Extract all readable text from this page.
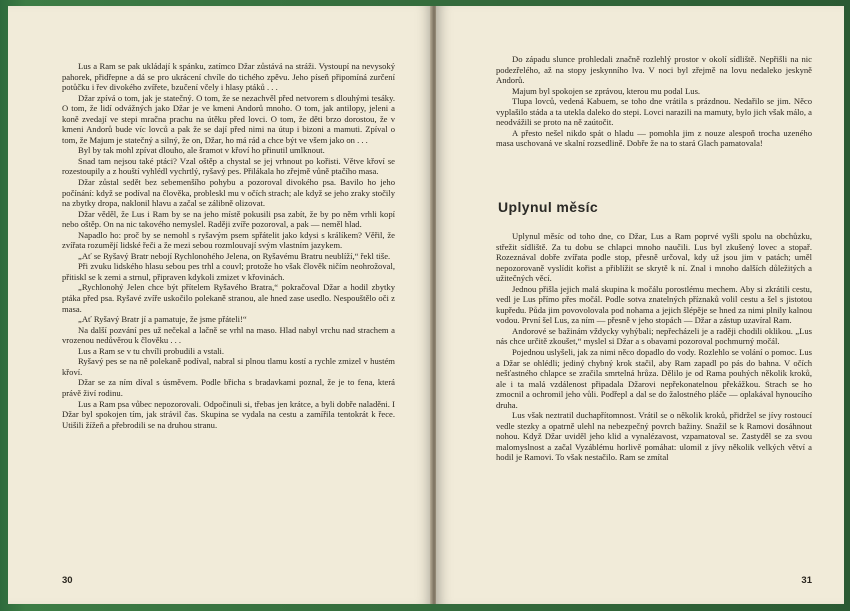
Lus a Ram se pak ukládají k spánku, zatímco Džar zůstává na stráži. Vystoupí na nevysoký pahorek, přidřepne a dá se pro ukrácení chvíle do tichého zpěvu. Jeho píseň připomíná zurčení potůčku i řev divokého zvířete, bzučení včely i hlasy ptáků . . .

Džar zpívá o tom, jak je statečný. O tom, že se nezachvěl před netvorem s dlouhými tesáky. O tom, že lidí odvážných jako Džar je ve kmeni Andorů mnoho. O tom, jak antilopy, jeleni a koně zvedají ve stepi mračna prachu na útěku před lovci. O tom, že děti brzo dorostou, že v kmeni Andorů bude víc lovců a pak že se dají před nimi na útup i bizoni a mamuti. Zpíval o tom, že Majum je statečný a silný, že on, Džar, ho má rád a chce být ve všem jako on . . .

Byl by tak mohl zpívat dlouho, ale šramot v křoví ho přinutil umlknout.

Snad tam nejsou také ptáci? Vzal oštěp a chystal se jej vrhnout po kořisti. Větve křoví se rozestoupily a z houští vyhlédl vychrtlý, ryšavý pes. Přilákala ho zřejmě vůně ptačího masa.

Džar zůstal sedět bez sebemenšího pohybu a pozoroval divokého psa. Bavilo ho jeho počínání: když se podíval na člověka, probleskl mu v očích strach; ale když se jeho zraky stočily na zbytky dropa, naklonil hlavu a začal se zálibně olizovat.

Džar věděl, že Lus i Ram by se na jeho místě pokusili psa zabít, že by po něm vrhli kopí nebo oštěp. On na nic takového nemyslel. Raději zvíře pozoroval, a pak — neměl hlad.

Napadlo ho: proč by se nemohl s ryšavým psem spřátelit jako kdysi s králíkem? Věřil, že zvířata rozumějí lidské řeči a že mezi sebou rozmlouvají svým vlastním jazykem.

„Ať se Ryšavý Bratr nebojí Rychlonohého Jelena, on Ryšavému Bratru neublíží,“ řekl tiše.

Při zvuku lidského hlasu sebou pes trhl a couvl; protože ho však člověk ničím neohrožoval, přitiskl se k zemi a strnul, připraven kdykoli zmizet v křovinách.

„Rychlonohý Jelen chce být přítelem Ryšavého Bratra,“ pokračoval Džar a hodil zbytky ptáka před psa. Ryšavé zvíře uskočilo polekaně stranou, ale hned zase usedlo. Nespouštělo oči z masa.

„Ať Ryšavý Bratr jí a pamatuje, že jsme přáteli!“

Na další pozvání pes už nečekal a lačně se vrhl na maso. Hlad nabyl vrchu nad strachem a vrozenou nedůvěrou k člověku . . .

Lus a Ram se v tu chvíli probudili a vstali.

Ryšavý pes se na ně polekaně podíval, nabral si plnou tlamu kostí a rychle zmizel v hustém křoví.

Džar se za ním díval s úsměvem. Podle břicha s bradavkami poznal, že je to fena, která právě živí rodinu.

Lus a Ram psa vůbec nepozorovali. Odpočinuli si, třebas jen krátce, a byli dobře naladěni. I Džar byl spokojen tím, jak strávil čas. Skupina se vydala na cestu a zamířila tentokrát k řece. Utišili žížeň a přebrodili se na druhou stranu.

30

Do západu slunce prohledali značně rozlehlý prostor v okolí sídliště. Nepřišli na nic podezřelého, až na stopy jeskynního lva. V noci byl zřejmě na lovu nedaleko jeskyně Andorů.

Majum byl spokojen se zprávou, kterou mu podal Lus.

Tlupa lovců, vedená Kabuem, se toho dne vrátila s prázdnou. Nedařilo se jim. Něco vyplašilo stáda a ta utekla daleko do stepi. Lovci narazili na mamuty, bylo jich však málo, a neodvážili se proto na ně zaútočit.

A přesto nešel nikdo spát o hladu — pomohla jim z nouze alespoň trocha uzeného masa uschovaná ve skalní rozsedlině. Dobře že na to stará Glach pamatovala!

Uplynul měsíc

Uplynul měsíc od toho dne, co Džar, Lus a Ram poprvé vyšli spolu na obchůzku, střežit sídliště. Za tu dobu se chlapci mnoho naučili. Lus byl zkušený lovec a stopař. Rozeznával dobře zvířata podle stop, přesně určoval, kdy už jsou jim v patách; uměl nepozorovaně vyslídit kořist a přiblížit se skrytě k ní. Znal i mnoho dalších důležitých a užitečných věcí.

Jednou přišla jejich malá skupina k močálu porostlému mechem. Aby si zkrátili cestu, vedl je Lus přímo přes močál. Podle sotva znatelných příznaků volil cestu a šel s jistotou kupředu. Půda jim povovolovala pod nohama a jejich šlépěje se hned za nimi plnily kalnou vodou. První šel Lus, za ním — přesně v jeho stopách — Džar a zástup uzavíral Ram.

Andorové se bažinám vždycky vyhýbali; nepřecházeli je a raději chodili oklikou. „Lus nás chce určitě zkoušet,“ myslel si Džar a s obavami pozoroval pochmurný močál.

Pojednou uslyšeli, jak za nimi něco dopadlo do vody. Rozlehlo se volání o pomoc. Lus a Džar se ohlédli; jediný chybný krok stačil, aby Ram zapadl po pás do bahna. V očích nešťastného chlapce se zračila smrtelná hrůza. Dělilo je od Rama pouhých několik kroků, ale i ta malá vzdálenost připadala Džarovi nepřekonatelnou překážkou. Strach se ho zmocnil a ochromil jeho vůli. Podřepl a dal se do žalostného pláče — oplakával hynoucího druha.

Lus však neztratil duchapřítomnost. Vrátil se o několik kroků, přidržel se jívy rostoucí vedle stezky a opatrně ulehl na nebezpečný povrch bažiny. Snažil se k Ramovi dosáhnout nohou. Když Džar uviděl jeho klid a vynalézavost, vzpamatoval se. Zastyděl se za svou malomyslnost a začal Vyzáblému horlivě pomáhat: ulomil z jívy několik velkých větví a hodil je Ramovi. To však nestačilo. Ram se zmítal

31
